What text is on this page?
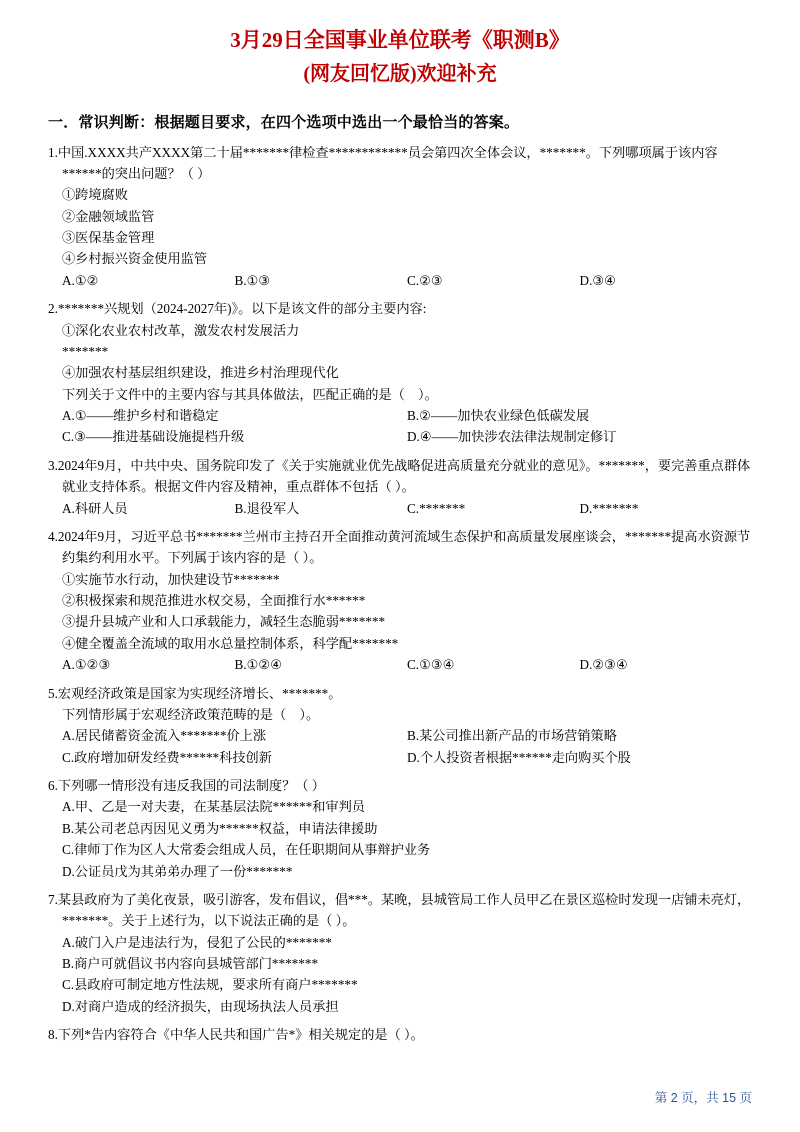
3月29日全国事业单位联考《职测B》
(网友回忆版)欢迎补充
一．常识判断：根据题目要求，在四个选项中选出一个最恰当的答案。
1.中国.XXXX共产XXXX第二十届*******律检查************员会第四次全体会议，*******。下列哪项属于该内容******的突出问题？（ ）
①跨境腐败
②金融领域监管
③医保基金管理
④乡村振兴资金使用监管
A.①②	B.①③	C.②③	D.③④
2.*******兴规划（2024-2027年)》。以下是该文件的部分主要内容:
①深化农业农村改革，激发农村发展活力
*******
④加强农村基层组织建设，推进乡村治理现代化
下列关于文件中的主要内容与其具体做法，匹配正确的是（    ）。
A.①——维护乡村和谐稳定	B.②——加快农业绿色低碳发展
C.③——推进基础设施提档升级	D.④——加快涉农法律法规制定修订
3.2024年9月，中共中央、国务院印发了《关于实施就业优先战略促进高质量充分就业的意见》。*******，要完善重点群体就业支持体系。根据文件内容及精神，重点群体不包括（ ）。
A.科研人员	B.退役军人	C.*******	D.*******
4.2024年9月，习近平总书*******兰州市主持召开全面推动黄河流域生态保护和高质量发展座谈会，*******提高水资源节约集约利用水平。下列属于该内容的是（ ）。
①实施节水行动，加快建设节*******
②积极探索和规范推进水权交易，全面推行水******
③提升县城产业和人口承载能力，减轻生态脆弱*******
④健全覆盖全流域的取用水总量控制体系，科学配*******
A.①②③	B.①②④	C.①③④	D.②③④
5.宏观经济政策是国家为实现经济增长、*******。
下列情形属于宏观经济政策范畴的是（    ）。
A.居民储蓄资金流入*******价上涨	B.某公司推出新产品的市场营销策略
C.政府增加研发经费******科技创新	D.个人投资者根据******走向购买个股
6.下列哪一情形没有违反我国的司法制度？（ ）
A.甲、乙是一对夫妻，在某基层法院******和审判员
B.某公司老总丙因见义勇为******权益，申请法律援助
C.律师丁作为区人大常委会组成人员，在任职期间从事辩护业务
D.公证员戊为其弟弟办理了一份*******
7.某县政府为了美化夜景，吸引游客，发布倡议，倡***。某晚，县城管局工作人员甲乙在景区巡检时发现一店铺未亮灯，*******。关于上述行为，以下说法正确的是（ ）。
A.破门入户是违法行为，侵犯了公民的*******
B.商户可就倡议书内容向县城管部门*******
C.县政府可制定地方性法规，要求所有商户*******
D.对商户造成的经济损失，由现场执法人员承担
8.下列*告内容符合《中华人民共和国广告*》相关规定的是（ ）。
第 2 页，共 15 页
